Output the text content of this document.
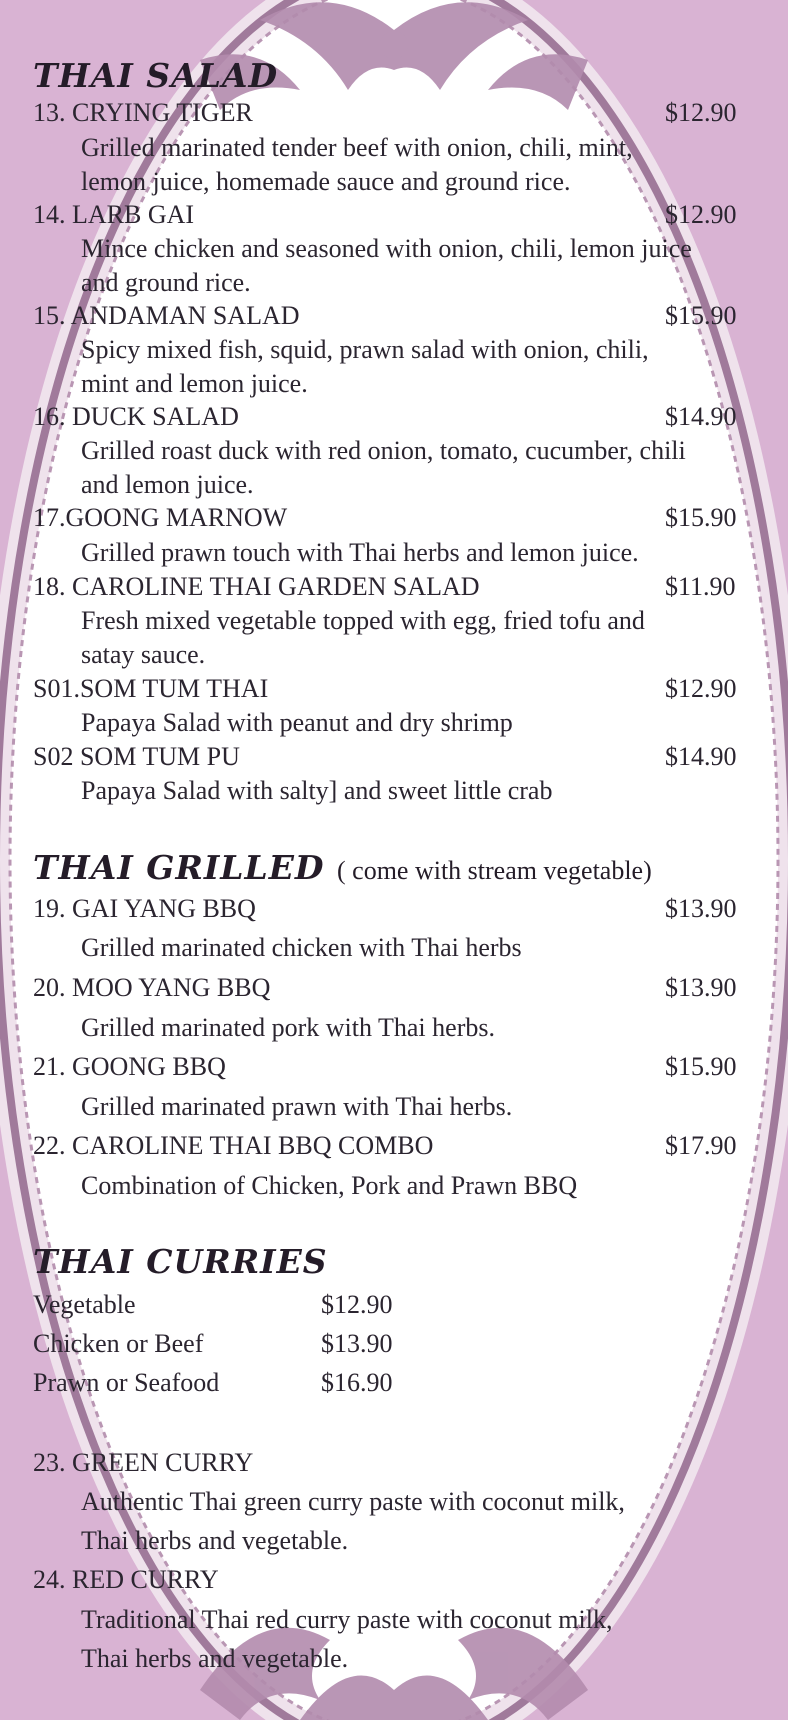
THAI SALAD
13. CRYING TIGER	$12.90
Grilled marinated tender beef with onion, chili, mint,
lemon juice, homemade sauce and ground rice.
14. LARB GAI	$12.90
Mince chicken and seasoned with onion, chili, lemon juice
and ground rice.
15. ANDAMAN SALAD	$15.90
Spicy mixed fish, squid, prawn salad with onion, chili,
mint and lemon juice.
16. DUCK SALAD	$14.90
Grilled roast duck with red onion, tomato, cucumber, chili
and lemon juice.
17.GOONG MARNOW	$15.90
Grilled prawn touch with Thai herbs and lemon juice.
18. CAROLINE THAI GARDEN SALAD	$11.90
Fresh mixed vegetable topped with egg, fried tofu and
satay sauce.
S01.SOM TUM THAI	$12.90
Papaya Salad with peanut and dry shrimp
S02 SOM TUM PU	$14.90
Papaya Salad with salty] and sweet little crab
THAI GRILLED ( come with stream vegetable)
19. GAI YANG BBQ	$13.90
Grilled marinated chicken with Thai herbs
20. MOO YANG BBQ	$13.90
Grilled marinated pork with Thai herbs.
21. GOONG BBQ	$15.90
Grilled marinated prawn with Thai herbs.
22. CAROLINE THAI BBQ COMBO	$17.90
Combination of Chicken, Pork and Prawn BBQ
THAI CURRIES
Vegetable	$12.90
Chicken or Beef	$13.90
Prawn or Seafood	$16.90
23. GREEN CURRY
Authentic Thai green curry paste with coconut milk,
Thai herbs and vegetable.
24. RED CURRY
Traditional Thai red curry paste with coconut milk,
Thai herbs and vegetable.
